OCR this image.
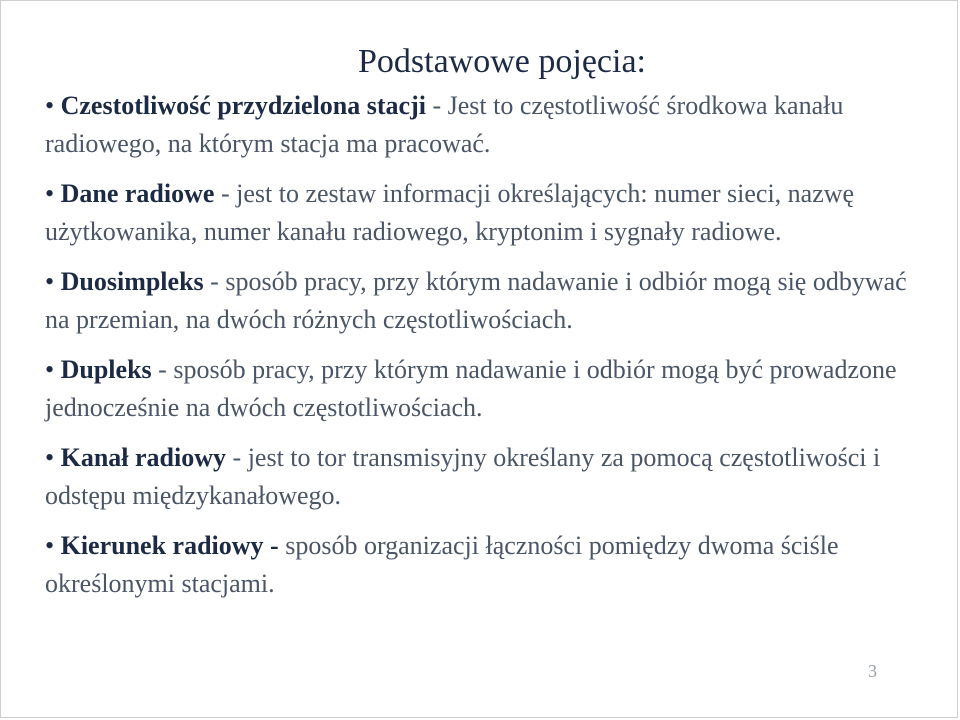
Podstawowe pojęcia:
• Czestotliwość przydzielona stacji - Jest to częstotliwość środkowa kanału radiowego, na którym stacja ma pracować.
• Dane radiowe - jest to zestaw informacji określających: numer sieci, nazwę użytkowanika, numer kanału radiowego, kryptonim i sygnały radiowe.
• Duosimpleks - sposób pracy, przy którym nadawanie i odbiór mogą się odbywać na przemian, na dwóch różnych częstotliwościach.
• Dupleks - sposób pracy, przy którym nadawanie i odbiór mogą być prowadzone jednocześnie na dwóch częstotliwościach.
• Kanał radiowy - jest to tor transmisyjny określany za pomocą częstotliwości i odstępu międzykanałowego.
• Kierunek radiowy - sposób organizacji łączności pomiędzy dwoma ściśle określonymi stacjami.
3
